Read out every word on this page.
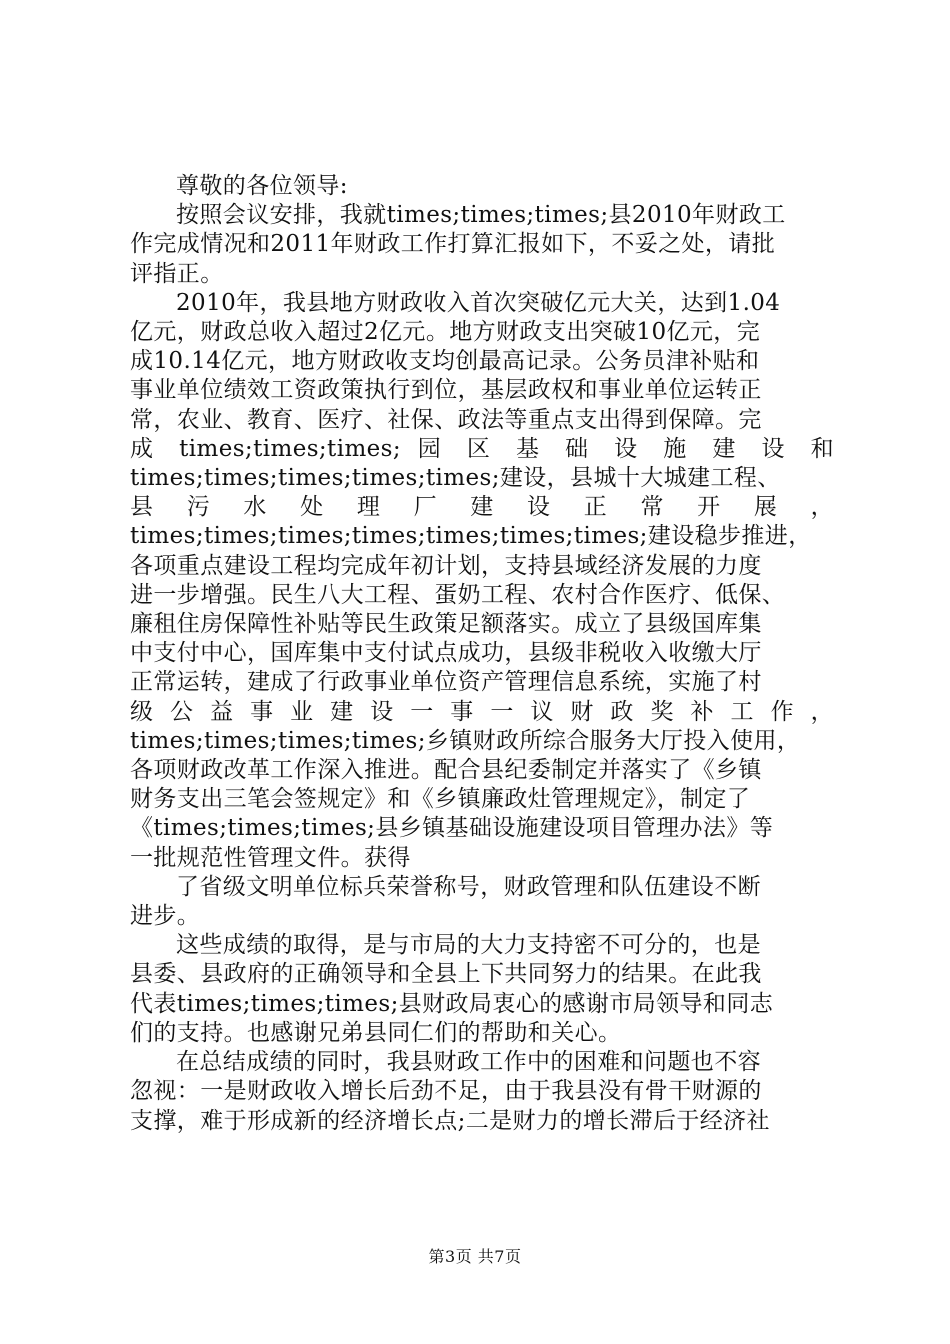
尊敬的各位领导:
按照会议安排，我就times;times;times;县2010年财政工
作完成情况和2011年财政工作打算汇报如下，不妥之处，请批
评指正。
2010年，我县地方财政收入首次突破亿元大关，达到1.04
亿元，财政总收入超过2亿元。地方财政支出突破10亿元，完
成10.14亿元，地方财政收支均创最高记录。公务员津补贴和
事业单位绩效工资政策执行到位，基层政权和事业单位运转正
常，农业、教育、医疗、社保、政法等重点支出得到保障。完
成 times;times;times; 园 区 基 础 设 施 建 设 和
times;times;times;times;times;建设，县城十大城建工程、
县 污 水 处 理 厂 建 设 正 常 开 展 ，
times;times;times;times;times;times;times;建设稳步推进，
各项重点建设工程均完成年初计划，支持县域经济发展的力度
进一步增强。民生八大工程、蛋奶工程、农村合作医疗、低保、
廉租住房保障性补贴等民生政策足额落实。成立了县级国库集
中支付中心，国库集中支付试点成功，县级非税收入收缴大厅
正常运转，建成了行政事业单位资产管理信息系统，实施了村
级 公 益 事 业 建 设 一 事 一 议 财 政 奖 补 工 作 ，
times;times;times;times;乡镇财政所综合服务大厅投入使用，
各项财政改革工作深入推进。配合县纪委制定并落实了《乡镇
财务支出三笔会签规定》和《乡镇廉政灶管理规定》，制定了
《times;times;times;县乡镇基础设施建设项目管理办法》等
一批规范性管理文件。获得
了省级文明单位标兵荣誉称号，财政管理和队伍建设不断
进步。
这些成绩的取得，是与市局的大力支持密不可分的，也是
县委、县政府的正确领导和全县上下共同努力的结果。在此我
代表times;times;times;县财政局衷心的感谢市局领导和同志
们的支持。也感谢兄弟县同仁们的帮助和关心。
在总结成绩的同时，我县财政工作中的困难和问题也不容
忽视：一是财政收入增长后劲不足，由于我县没有骨干财源的
支撑，难于形成新的经济增长点;二是财力的增长滞后于经济社
第3页 共7页
